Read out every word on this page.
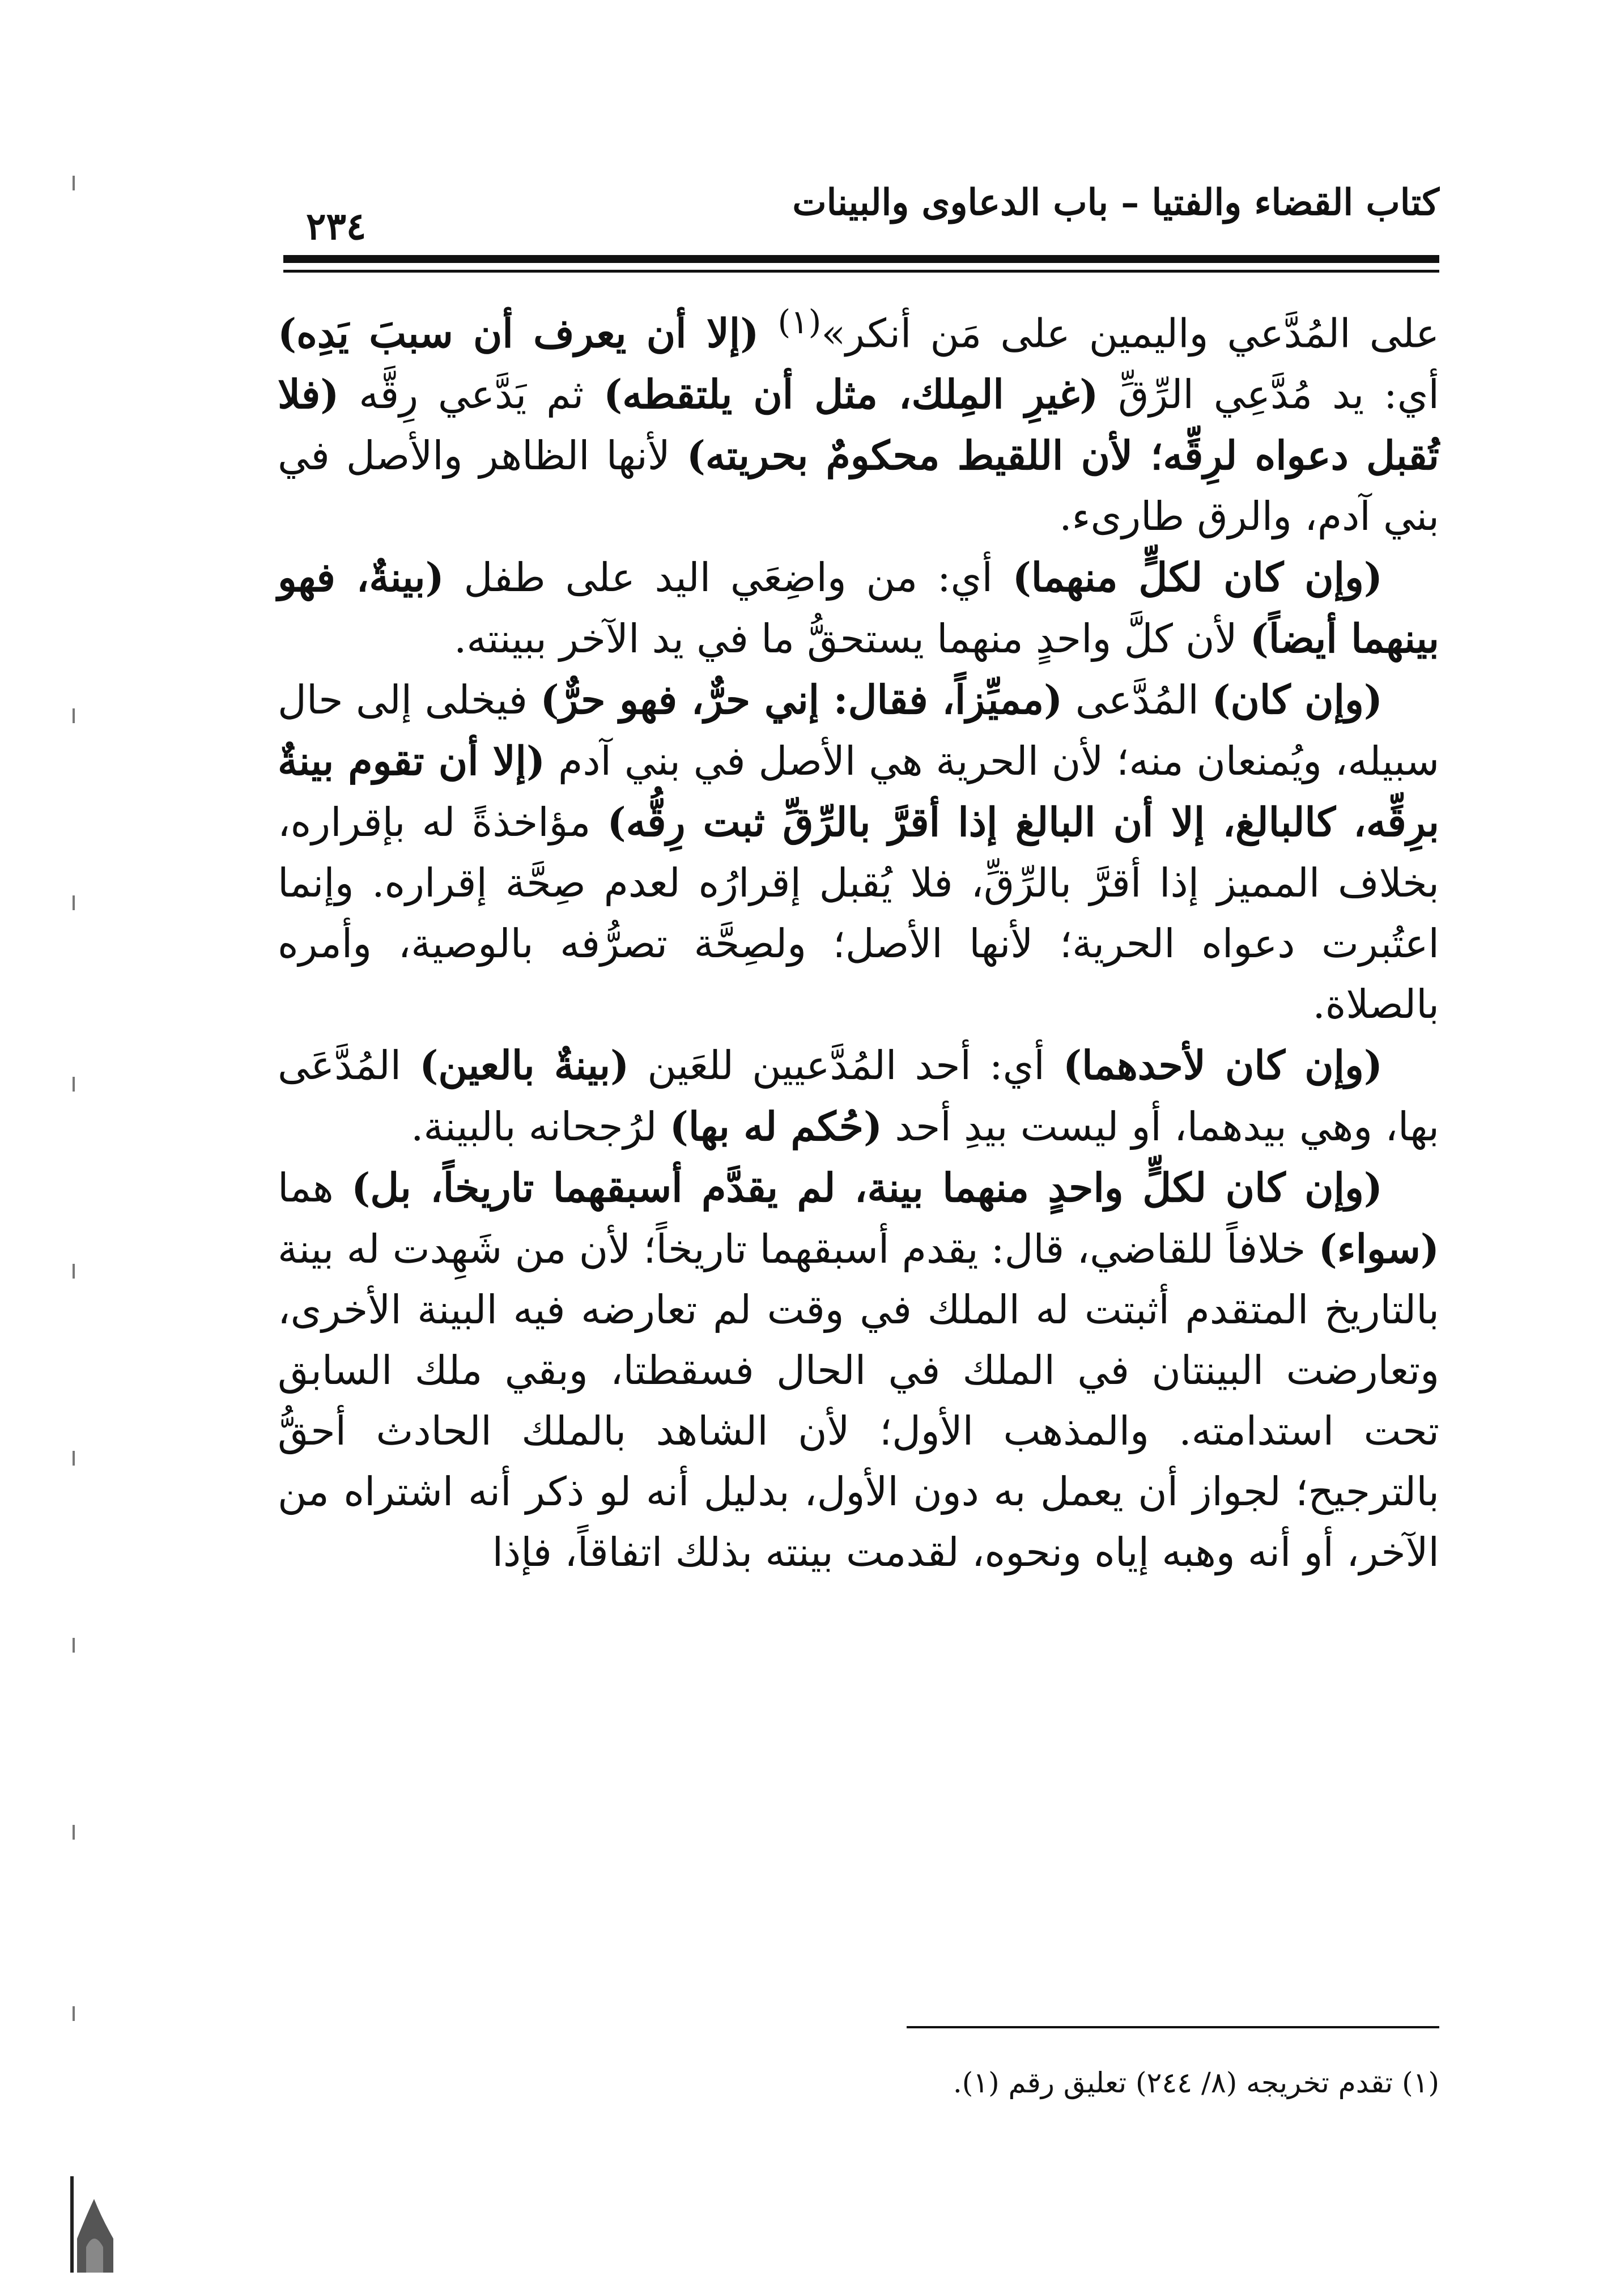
كتاب القضاء والفتيا – باب الدعاوى والبينات
٢٣٤

على المُدَّعي واليمين على مَن أنكر»$^{(١)}$ (إلا أن يعرف أن سببَ يَدِه) أي: يد مُدَّعِي الرِّقِّ (غيرِ المِلك، مثل أن يلتقطه) ثم يَدَّعي رِقَّه (فلا تُقبل دعواه لرِقِّه؛ لأن اللقيط محكومٌ بحريته) لأنها الظاهر والأصل في بني آدم، والرق طارىء.

(وإن كان لكلٍّ منهما) أي: من واضِعَي اليد على طفل (بينةٌ، فهو بينهما أيضاً) لأن كلَّ واحدٍ منهما يستحقُّ ما في يد الآخر ببينته.

(وإن كان) المُدَّعى (مميِّزاً، فقال: إني حرٌّ، فهو حرٌّ) فيخلى إلى حال سبيله، ويُمنعان منه؛ لأن الحرية هي الأصل في بني آدم (إلا أن تقوم بينةٌ برِقِّه، كالبالغ، إلا أن البالغ إذا أقرَّ بالرِّقِّ ثبت رِقُّه) مؤاخذةً له بإقراره، بخلاف المميز إذا أقرَّ بالرِّقِّ، فلا يُقبل إقرارُه لعدم صِحَّة إقراره. وإنما اعتُبرت دعواه الحرية؛ لأنها الأصل؛ ولصِحَّة تصرُّفه بالوصية، وأمره بالصلاة.

(وإن كان لأحدهما) أي: أحد المُدَّعيين للعَين (بينةٌ بالعين) المُدَّعَى بها، وهي بيدهما، أو ليست بيدِ أحد (حُكم له بها) لرُجحانه بالبينة.

(وإن كان لكلٍّ واحدٍ منهما بينة، لم يقدَّم أسبقهما تاريخاً، بل) هما (سواء) خلافاً للقاضي، قال: يقدم أسبقهما تاريخاً؛ لأن من شَهِدت له بينة بالتاريخ المتقدم أثبتت له الملك في وقت لم تعارضه فيه البينة الأخرى، وتعارضت البينتان في الملك في الحال فسقطتا، وبقي ملك السابق تحت استدامته. والمذهب الأول؛ لأن الشاهد بالملك الحادث أحقُّ بالترجيح؛ لجواز أن يعمل به دون الأول، بدليل أنه لو ذكر أنه اشتراه من الآخر، أو أنه وهبه إياه ونحوه، لقدمت بينته بذلك اتفاقاً، فإذا

(١) تقدم تخريجه (٨/ ٢٤٤) تعليق رقم (١).
